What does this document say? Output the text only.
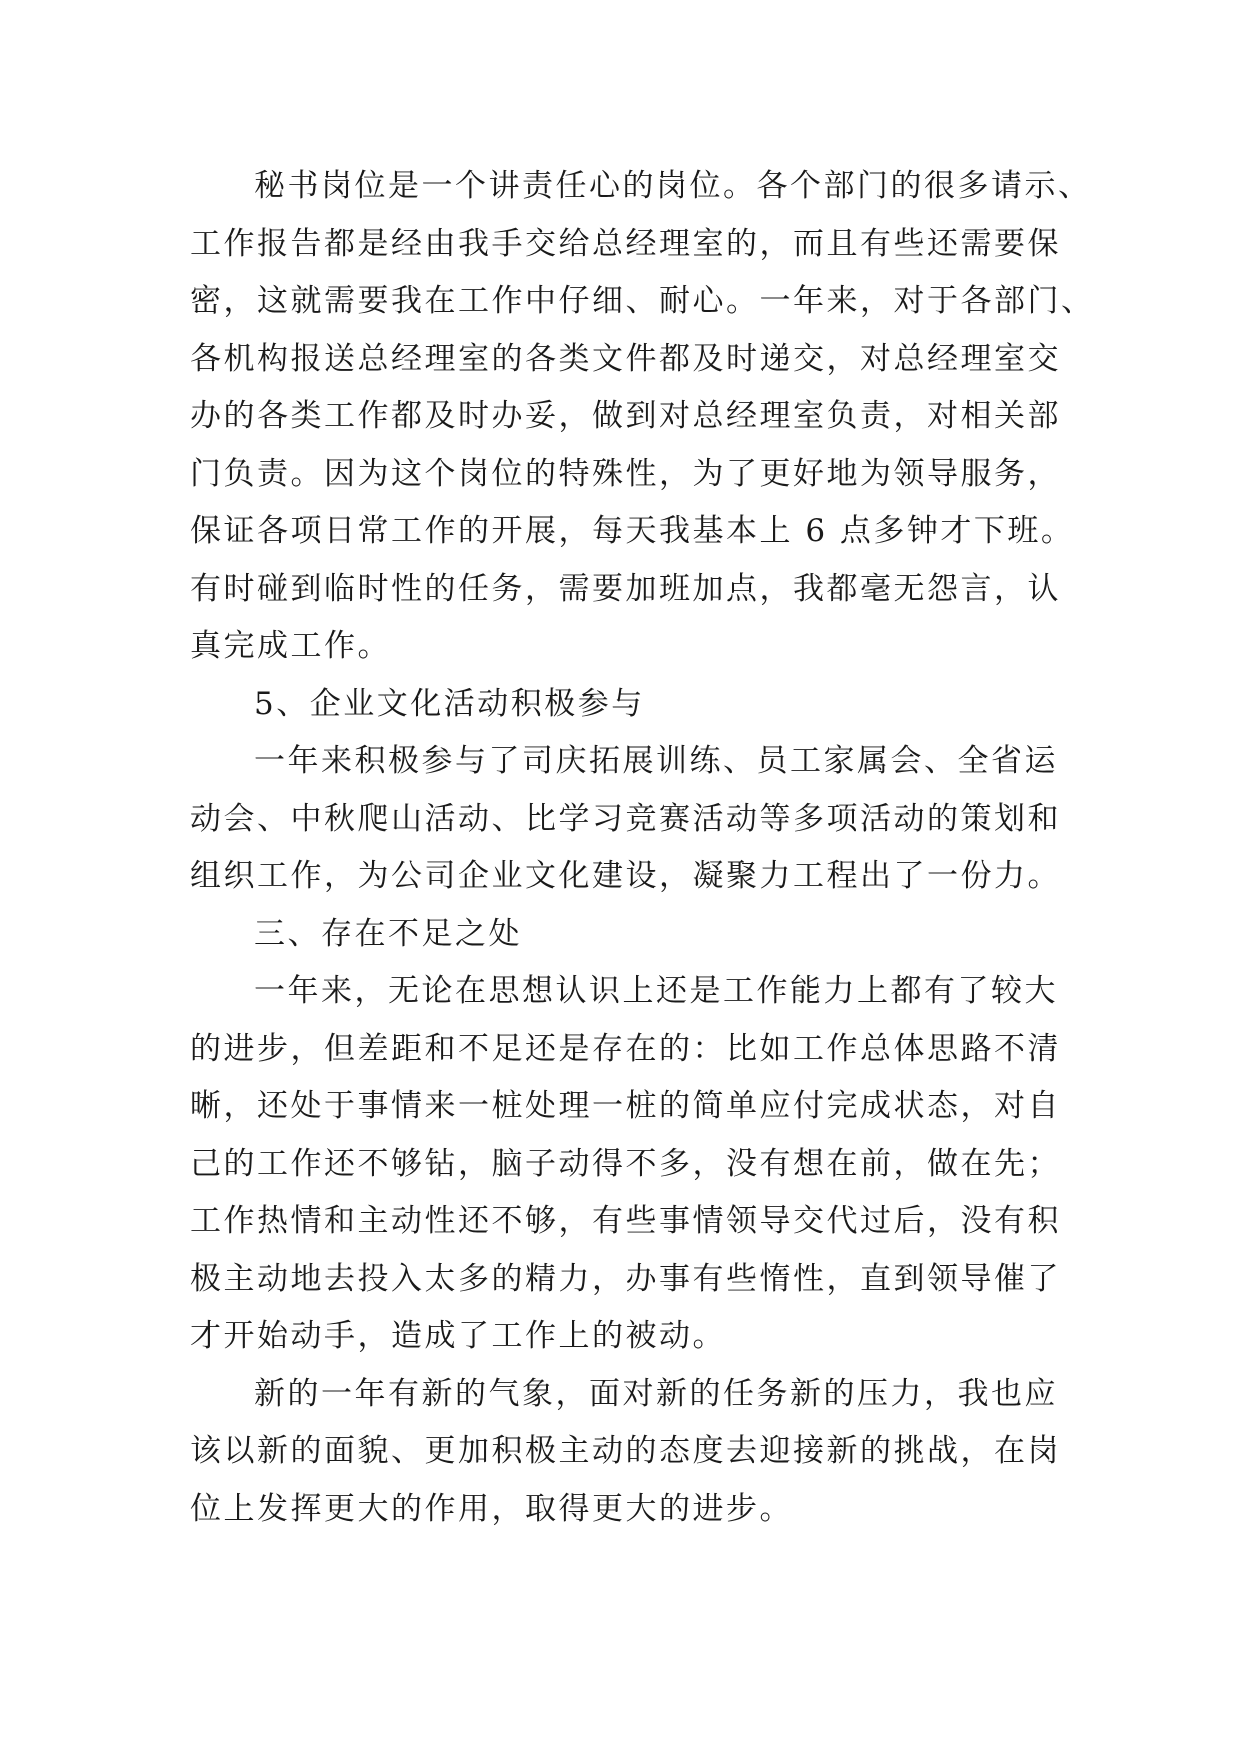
秘书岗位是一个讲责任心的岗位。各个部门的很多请示、
工作报告都是经由我手交给总经理室的，而且有些还需要保
密，这就需要我在工作中仔细、耐心。一年来，对于各部门、
各机构报送总经理室的各类文件都及时递交，对总经理室交
办的各类工作都及时办妥，做到对总经理室负责，对相关部
门负责。因为这个岗位的特殊性，为了更好地为领导服务，
保证各项日常工作的开展，每天我基本上 6 点多钟才下班。
有时碰到临时性的任务，需要加班加点，我都毫无怨言，认
真完成工作。
5、企业文化活动积极参与
一年来积极参与了司庆拓展训练、员工家属会、全省运
动会、中秋爬山活动、比学习竞赛活动等多项活动的策划和
组织工作，为公司企业文化建设，凝聚力工程出了一份力。
三、存在不足之处
一年来，无论在思想认识上还是工作能力上都有了较大
的进步，但差距和不足还是存在的：比如工作总体思路不清
晰，还处于事情来一桩处理一桩的简单应付完成状态，对自
己的工作还不够钻，脑子动得不多，没有想在前，做在先；
工作热情和主动性还不够，有些事情领导交代过后，没有积
极主动地去投入太多的精力，办事有些惰性，直到领导催了
才开始动手，造成了工作上的被动。
新的一年有新的气象，面对新的任务新的压力，我也应
该以新的面貌、更加积极主动的态度去迎接新的挑战，在岗
位上发挥更大的作用，取得更大的进步。
